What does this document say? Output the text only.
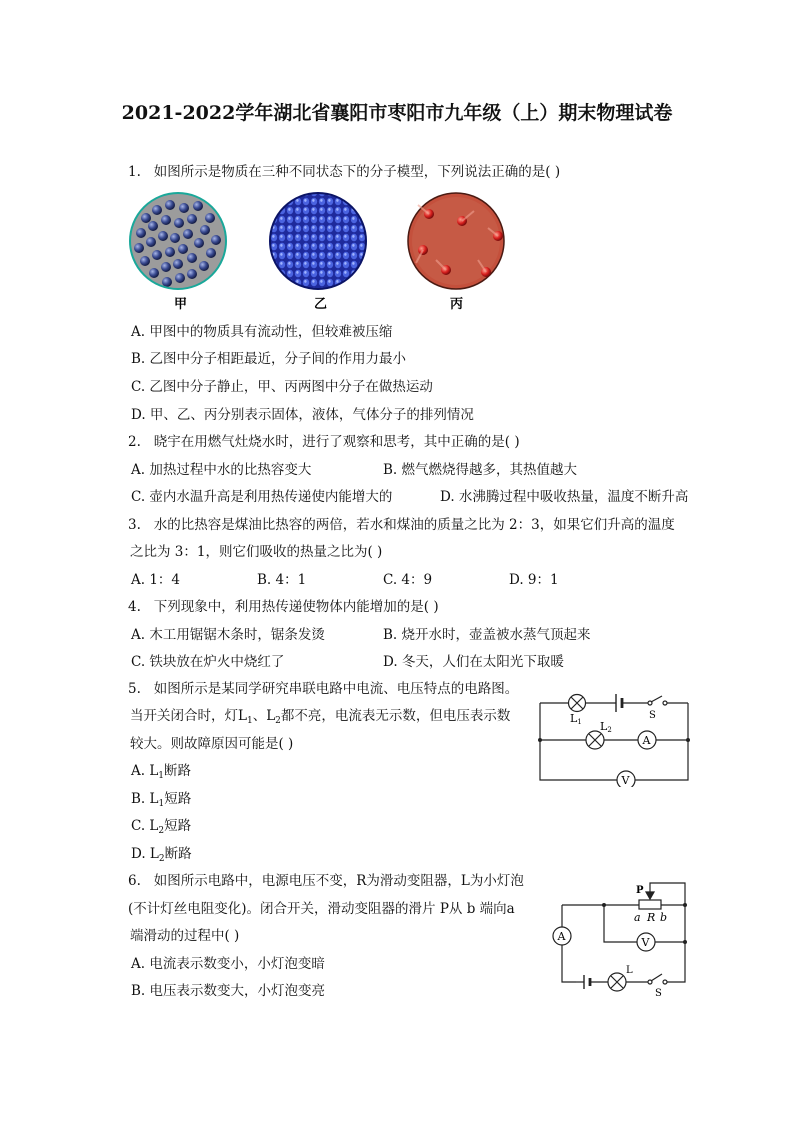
2021-2022学年湖北省襄阳市枣阳市九年级（上）期末物理试卷
1. 如图所示是物质在三种不同状态下的分子模型，下列说法正确的是( )
甲	乙	丙
A. 甲图中的物质具有流动性，但较难被压缩
B. 乙图中分子相距最近，分子间的作用力最小
C. 乙图中分子静止，甲、丙两图中分子在做热运动
D. 甲、乙、丙分别表示固体，液体，气体分子的排列情况
2. 晓宇在用燃气灶烧水时，进行了观察和思考，其中正确的是( )
A. 加热过程中水的比热容变大	B. 燃气燃烧得越多，其热值越大
C. 壶内水温升高是利用热传递使内能增大的	D. 水沸腾过程中吸收热量，温度不断升高
3. 水的比热容是煤油比热容的两倍，若水和煤油的质量之比为 2：3，如果它们升高的温度
之比为 3：1，则它们吸收的热量之比为( )
A. 1：4	B. 4：1	C. 4：9	D. 9：1
4. 下列现象中，利用热传递使物体内能增加的是( )
A. 木工用锯锯木条时，锯条发烫	B. 烧开水时，壶盖被水蒸气顶起来
C. 铁块放在炉火中烧红了	D. 冬天，人们在太阳光下取暖
5. 如图所示是某同学研究串联电路中电流、电压特点的电路图。
当开关闭合时，灯$L_1$、$L_2$都不亮，电流表无示数，但电压表示数
较大。则故障原因可能是( )
A. $L_1$断路
B. $L_1$短路
C. $L_2$短路
D. $L_2$断路
L1 L2
S
A
V
6. 如图所示电路中，电源电压不变，R为滑动变阻器，L为小灯泡
(不计灯丝电阻变化)。闭合开关，滑动变阻器的滑片 P从 b 端向a
端滑动的过程中( )
A. 电流表示数变小，小灯泡变暗
B. 电压表示数变大，小灯泡变亮
P
a R b
A	V
L
S
